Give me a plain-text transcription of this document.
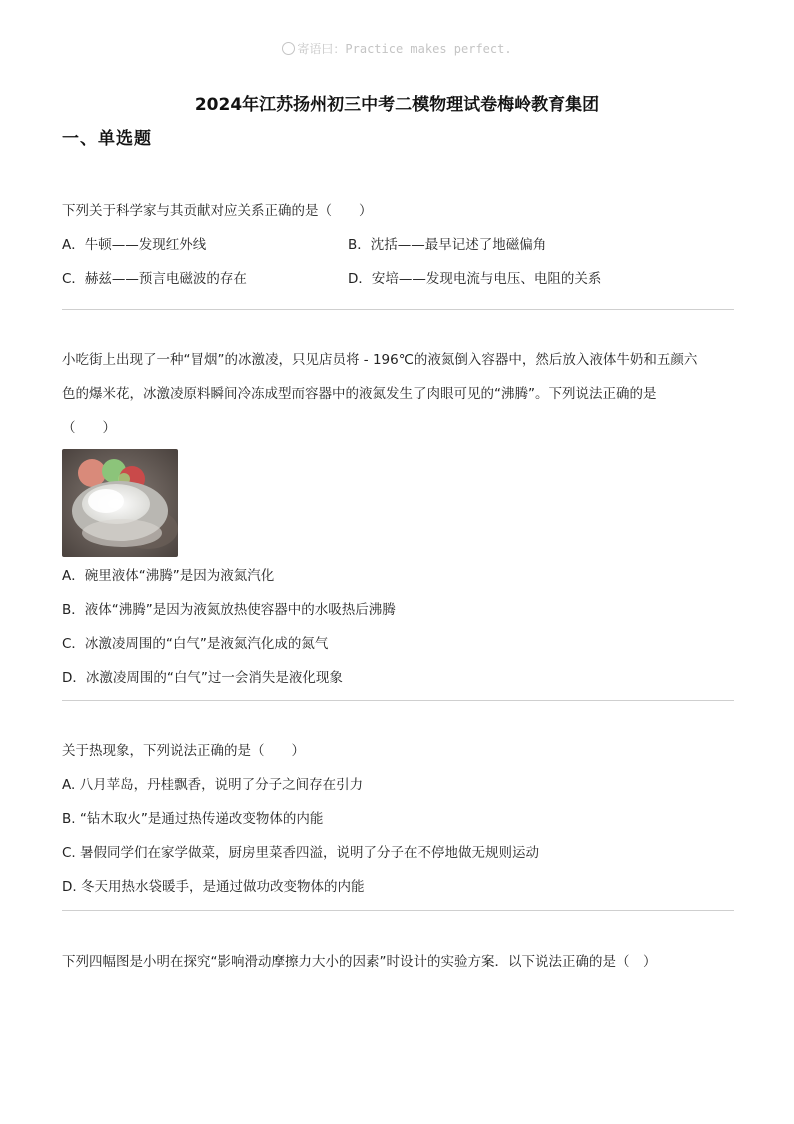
寄语曰：Practice makes perfect.
2024年江苏扬州初三中考二模物理试卷梅岭教育集团
一、单选题

下列关于科学家与其贡献对应关系正确的是（　　）

A．牛顿——发现红外线	B．沈括——最早记述了地磁偏角

C．赫兹——预言电磁波的存在	D．安培——发现电流与电压、电阻的关系

小吃街上出现了一种“冒烟”的冰激凌，只见店员将 - 196℃的液氮倒入容器中，然后放入液体牛奶和五颜六

色的爆米花，冰激凌原料瞬间冷冻成型而容器中的液氮发生了肉眼可见的“沸腾”。下列说法正确的是

（　　）

A．碗里液体“沸腾”是因为液氮汽化

B．液体“沸腾”是因为液氮放热使容器中的水吸热后沸腾

C．冰激凌周围的“白气”是液氮汽化成的氮气

D．冰激凌周围的“白气”过一会消失是液化现象

关于热现象，下列说法正确的是（　　）

A. 八月苹岛，丹桂飘香，说明了分子之间存在引力

B. “钻木取火”是通过热传递改变物体的内能

C. 暑假同学们在家学做菜，厨房里菜香四溢，说明了分子在不停地做无规则运动

D. 冬天用热水袋暖手，是通过做功改变物体的内能

下列四幅图是小明在探究“影响滑动摩擦力大小的因素”时设计的实验方案．以下说法正确的是（　）
